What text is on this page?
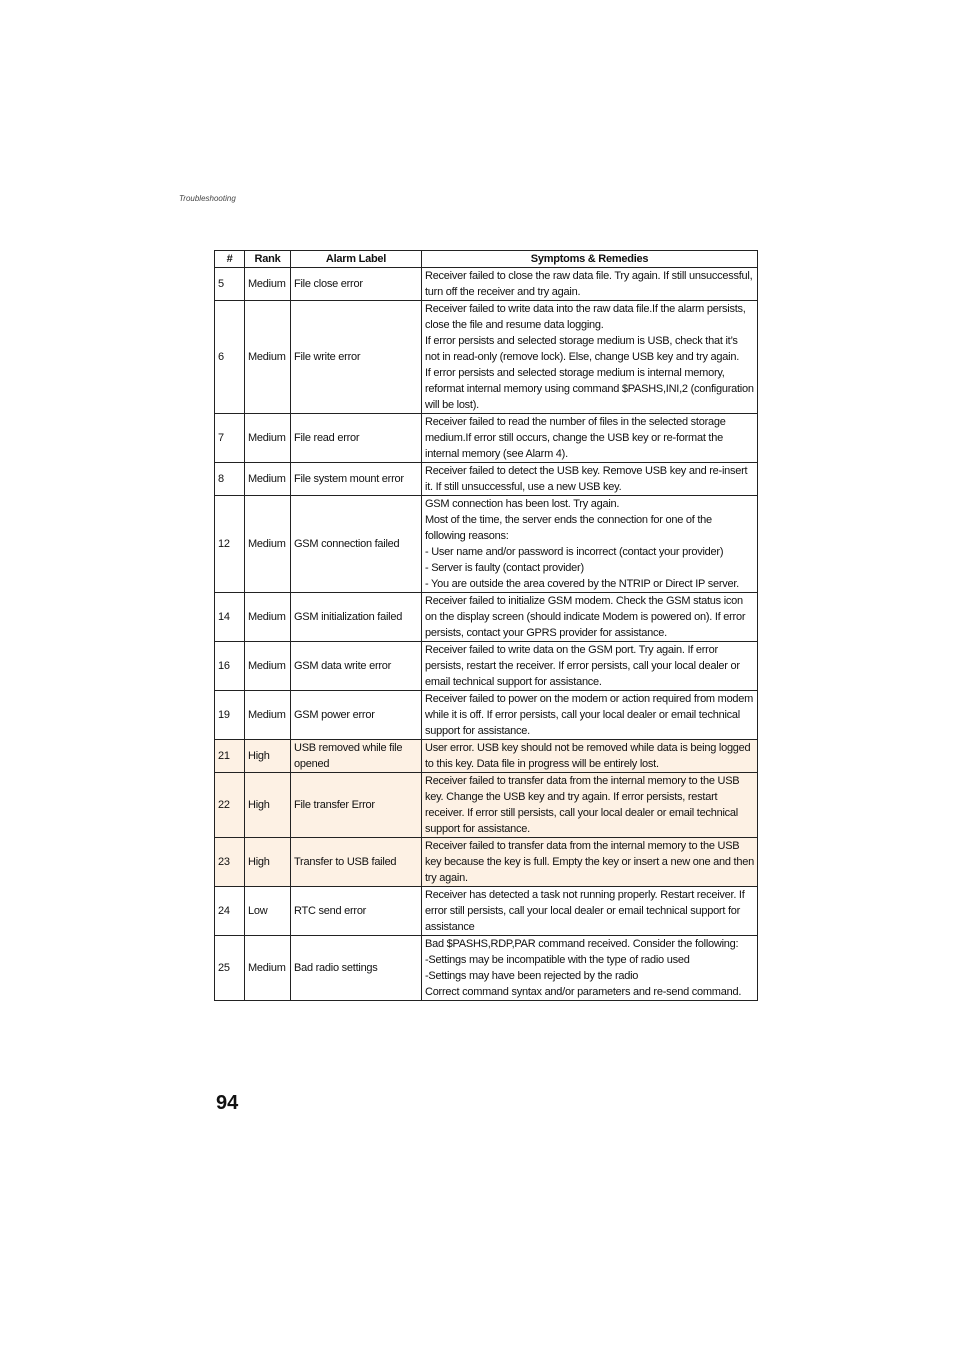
Troubleshooting
#	Rank	Alarm Label	Symptoms & Remedies
5	Medium	File close error	Receiver failed to close the raw data file. Try again. If still unsuccessful, turn off the receiver and try again.

6	Medium	File write error	Receiver failed to write data into the raw data file.If the alarm persists, close the file and resume data logging.
If error persists and selected storage medium is USB, check that it’s not in read-only (remove lock). Else, change USB key and try again.
If error persists and selected storage medium is internal memory, reformat internal memory using command $PASHS,INI,2 (configuration will be lost).

7	Medium	File read error	Receiver failed to read the number of files in the selected storage medium.If error still occurs, change the USB key or re-format the internal memory (see Alarm 4).

8	Medium	File system mount error	Receiver failed to detect the USB key. Remove USB key and re-insert it. If still unsuccessful, use a new USB key.

12	Medium	GSM connection failed	GSM connection has been lost. Try again.
Most of the time, the server ends the connection for one of the following reasons:
- User name and/or password is incorrect (contact your provider)
- Server is faulty (contact provider)
- You are outside the area covered by the NTRIP or Direct IP server.

14	Medium	GSM initialization failed	Receiver failed to initialize GSM modem. Check the GSM status icon on the display screen (should indicate Modem is powered on). If error persists, contact your GPRS provider for assistance.

16	Medium	GSM data write error	Receiver failed to write data on the GSM port. Try again. If error persists, restart the receiver. If error persists, call your local dealer or email technical support for assistance.

19	Medium	GSM power error	Receiver failed to power on the modem or action required from modem while it is off. If error persists, call your local dealer or email technical support for assistance.

21	High	USB removed while file opened	User error. USB key should not be removed while data is being logged to this key. Data file in progress will be entirely lost.

22	High	File transfer Error	Receiver failed to transfer data from the internal memory to the USB key. Change the USB key and try again. If error persists, restart receiver. If error still persists, call your local dealer or email technical support for assistance.

23	High	Transfer to USB failed	Receiver failed to transfer data from the internal memory to the USB key because the key is full. Empty the key or insert a new one and then try again.

24	Low	RTC send error	Receiver has detected a task not running properly. Restart receiver. If error still persists, call your local dealer or email technical support for assistance

25	Medium	Bad radio settings	Bad $PASHS,RDP,PAR command received. Consider the following:
-Settings may be incompatible with the type of radio used
-Settings may have been rejected by the radio
Correct command syntax and/or parameters and re-send command.
94
